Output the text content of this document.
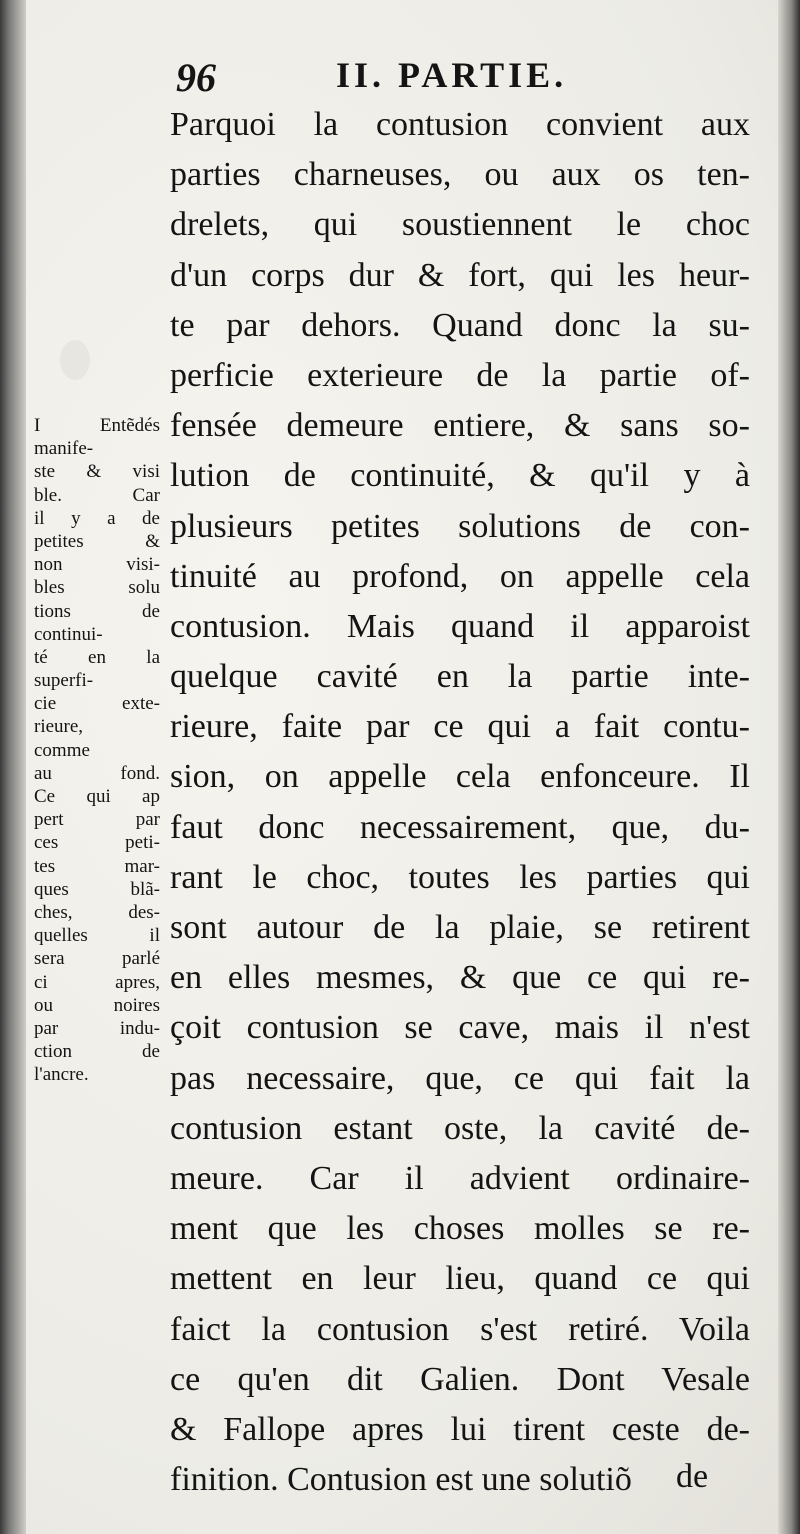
96	II. PARTIE.
Parquoi la contusion convient aux
parties charneuses, ou aux os ten-
drelets, qui soustiennent le choc
d'un corps dur & fort, qui les heur-
te par dehors. Quand donc la su-
perficie exterieure de la partie of-
fensée demeure entiere, & sans so-
lution de continuité, & qu'il y à
plusieurs petites solutions de con-
tinuité au profond, on appelle cela
contusion. Mais quand il apparoist
quelque cavité en la partie inte-
rieure, faite par ce qui a fait contu-
sion, on appelle cela enfonceure. Il
faut donc necessairement, que, du-
rant le choc, toutes les parties qui
sont autour de la plaie, se retirent
en elles mesmes, & que ce qui re-
çoit contusion se cave, mais il n'est
pas necessaire, que, ce qui fait la
contusion estant oste, la cavité de-
meure. Car il advient ordinaire-
ment que les choses molles se re-
mettent en leur lieu, quand ce qui
faict la contusion s'est retiré. Voila
ce qu'en dit Galien. Dont Vesale
& Fallope apres lui tirent ceste de-
finition. Contusion est une solutiõ
I Entẽdés
manife-
ste & visi
ble. Car
il y a de
petites &
non visi-
bles solu
tions de
continui-
té en la
superfi-
cie exte-
rieure,
comme
au fond.
Ce qui ap
pert par
ces peti-
tes mar-
ques blã-
ches, des-
quelles il
sera parlé
ci apres,
ou noires
par indu-
ction de
l'ancre.
de
